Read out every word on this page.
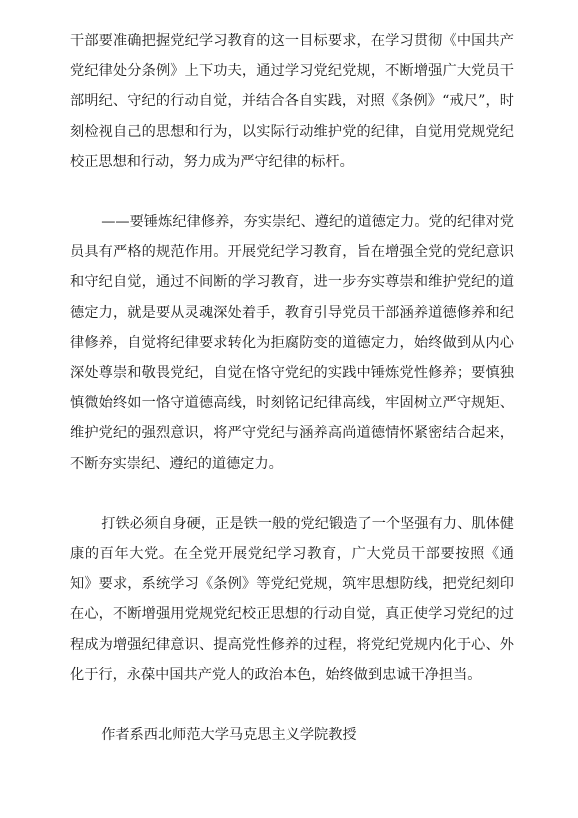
干部要准确把握党纪学习教育的这一目标要求，在学习贯彻《中国共产党纪律处分条例》上下功夫，通过学习党纪党规，不断增强广大党员干部明纪、守纪的行动自觉，并结合各自实践，对照《条例》“戒尺”，时刻检视自己的思想和行为，以实际行动维护党的纪律，自觉用党规党纪校正思想和行动，努力成为严守纪律的标杆。

——要锤炼纪律修养，夯实崇纪、遵纪的道德定力。党的纪律对党员具有严格的规范作用。开展党纪学习教育，旨在增强全党的党纪意识和守纪自觉，通过不间断的学习教育，进一步夯实尊崇和维护党纪的道德定力，就是要从灵魂深处着手，教育引导党员干部涵养道德修养和纪律修养，自觉将纪律要求转化为拒腐防变的道德定力，始终做到从内心深处尊崇和敬畏党纪，自觉在恪守党纪的实践中锤炼党性修养；要慎独慎微始终如一恪守道德高线，时刻铭记纪律高线，牢固树立严守规矩、维护党纪的强烈意识，将严守党纪与涵养高尚道德情怀紧密结合起来，不断夯实崇纪、遵纪的道德定力。

打铁必须自身硬，正是铁一般的党纪锻造了一个坚强有力、肌体健康的百年大党。在全党开展党纪学习教育，广大党员干部要按照《通知》要求，系统学习《条例》等党纪党规，筑牢思想防线，把党纪刻印在心，不断增强用党规党纪校正思想的行动自觉，真正使学习党纪的过程成为增强纪律意识、提高党性修养的过程，将党纪党规内化于心、外化于行，永葆中国共产党人的政治本色，始终做到忠诚干净担当。

作者系西北师范大学马克思主义学院教授
